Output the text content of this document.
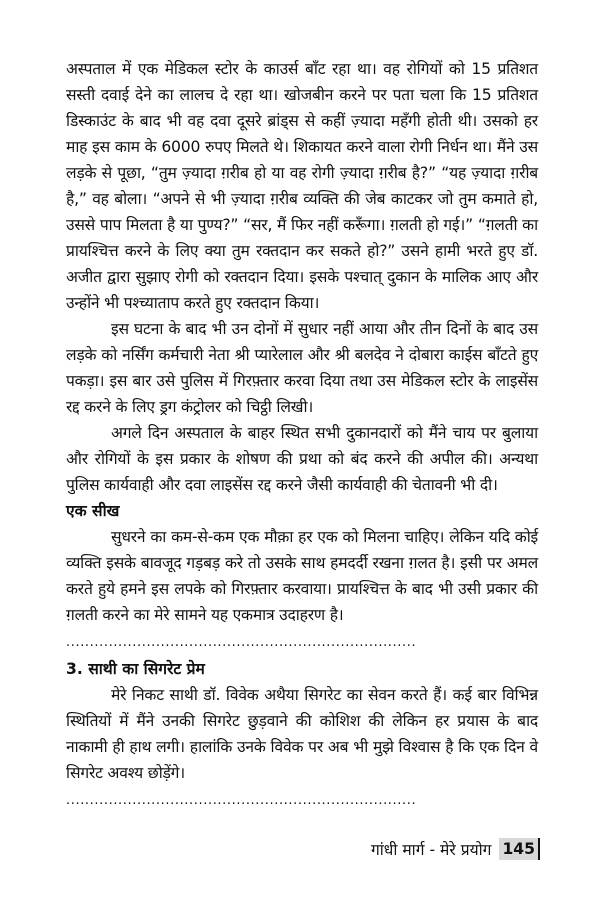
अस्पताल में एक मेडिकल स्टोर के काउर्स बाँट रहा था। वह रोगियों को 15 प्रतिशत सस्ती दवाई देने का लालच दे रहा था। खोजबीन करने पर पता चला कि 15 प्रतिशत डिस्काउंट के बाद भी वह दवा दूसरे ब्रांड्स से कहीं ज़्यादा महँगी होती थी। उसको हर माह इस काम के 6000 रुपए मिलते थे। शिकायत करने वाला रोगी निर्धन था। मैंने उस लड़के से पूछा, “तुम ज़्यादा ग़रीब हो या वह रोगी ज़्यादा ग़रीब है?” “यह ज़्यादा ग़रीब है,” वह बोला। “अपने से भी ज़्यादा ग़रीब व्यक्ति की जेब काटकर जो तुम कमाते हो, उससे पाप मिलता है या पुण्य?” “सर, मैं फिर नहीं करूँगा। ग़लती हो गई।” “ग़लती का प्रायश्चित्त करने के लिए क्या तुम रक्तदान कर सकते हो?” उसने हामी भरते हुए डॉ. अजीत द्वारा सुझाए रोगी को रक्तदान दिया। इसके पश्चात् दुकान के मालिक आए और उन्होंने भी पश्च्याताप करते हुए रक्तदान किया।

इस घटना के बाद भी उन दोनों में सुधार नहीं आया और तीन दिनों के बाद उस लड़के को नर्सिंग कर्मचारी नेता श्री प्यारेलाल और श्री बलदेव ने दोबारा काईस बाँटते हुए पकड़ा। इस बार उसे पुलिस में गिरफ़्तार करवा दिया तथा उस मेडिकल स्टोर के लाइसेंस रद्द करने के लिए ड्रग कंट्रोलर को चिट्ठी लिखी।

अगले दिन अस्पताल के बाहर स्थित सभी दुकानदारों को मैंने चाय पर बुलाया और रोगियों के इस प्रकार के शोषण की प्रथा को बंद करने की अपील की। अन्यथा पुलिस कार्यवाही और दवा लाइसेंस रद्द करने जैसी कार्यवाही की चेतावनी भी दी।

एक सीख

सुधरने का कम-से-कम एक मौक़ा हर एक को मिलना चाहिए। लेकिन यदि कोई व्यक्ति इसके बावजूद गड़बड़ करे तो उसके साथ हमदर्दी रखना ग़लत है। इसी पर अमल करते हुये हमने इस लपके को गिरफ़्तार करवाया। प्रायश्चित्त के बाद भी उसी प्रकार की ग़लती करने का मेरे सामने यह एकमात्र उदाहरण है।

..........................................................................

3. साथी का सिगरेट प्रेम

मेरे निकट साथी डॉ. विवेक अथैया सिगरेट का सेवन करते हैं। कई बार विभिन्न स्थितियों में मैंने उनकी सिगरेट छुड़वाने की कोशिश की लेकिन हर प्रयास के बाद नाकामी ही हाथ लगी। हालांकि उनके विवेक पर अब भी मुझे विश्वास है कि एक दिन वे सिगरेट अवश्य छोड़ेंगे।

..........................................................................
गांधी मार्ग - मेरे प्रयोग 145
